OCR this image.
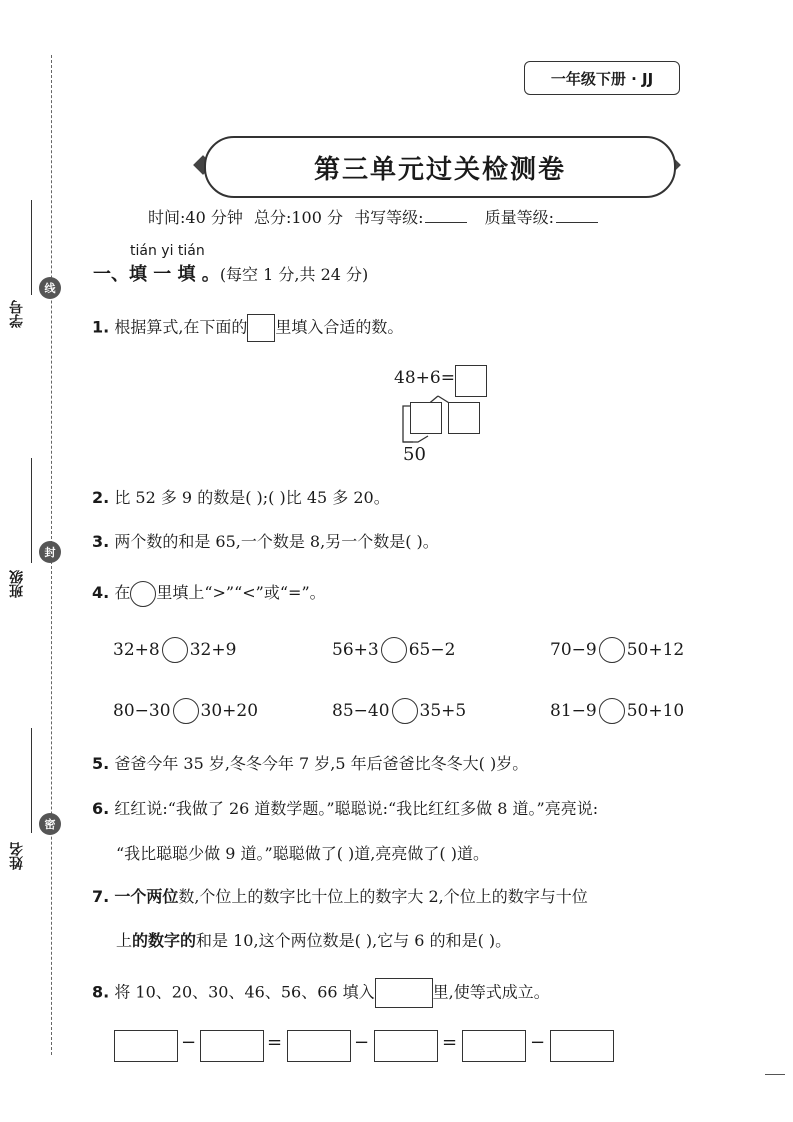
学号
线
班级
封
姓名
密
一年级下册 · JJ
第三单元过关检测卷
时间:40 分钟 总分:100 分 书写等级:	质量等级:
tián yi tián
一、填 一 填 。(每空 1 分,共 24 分)
1. 根据算式,在下面的 里填入合适的数。
48+6=
50
2. 比 52 多 9 的数是( );( )比 45 多 20。
3. 两个数的和是 65,一个数是 8,另一个数是( )。
4. 在 里填上“>”“<”或“=”。
32+8 32+9	56+3 65−2	70−9 50+12
80−30 30+20	85−40 35+5	81−9 50+10
5. 爸爸今年 35 岁,冬冬今年 7 岁,5 年后爸爸比冬冬大( )岁。
6. 红红说:“我做了 26 道数学题。”聪聪说:“我比红红多做 8 道。”亮亮说:
“我比聪聪少做 9 道。”聪聪做了( )道,亮亮做了( )道。
7. 一个两位数,个位上的数字比十位上的数字大 2,个位上的数字与十位
上的数字的和是 10,这个两位数是( ),它与 6 的和是( )。
8. 将 10、20、30、46、56、66 填入	里,使等式成立。
−	=	−	=	−
